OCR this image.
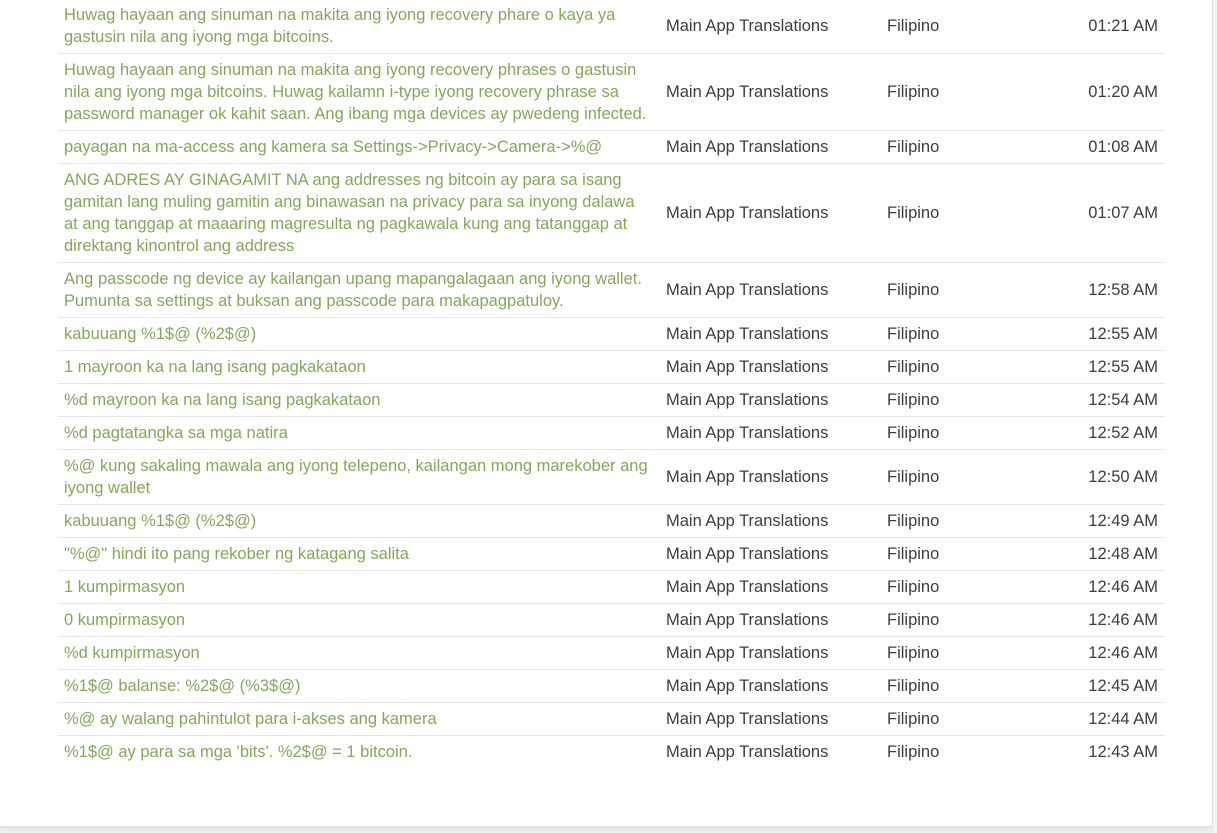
Huwag hayaan ang sinuman na makita ang iyong recovery phare o kaya ya gastusin nila ang iyong mga bitcoins.	Main App Translations	Filipino	01:21 AM
Huwag hayaan ang sinuman na makita ang iyong recovery phrases o gastusin nila ang iyong mga bitcoins. Huwag kailamn i-type iyong recovery phrase sa password manager ok kahit saan. Ang ibang mga devices ay pwedeng infected.	Main App Translations	Filipino	01:20 AM
payagan na ma-access ang kamera sa Settings->Privacy->Camera->%@	Main App Translations	Filipino	01:08 AM
ANG ADRES AY GINAGAMIT NA ang addresses ng bitcoin ay para sa isang gamitan lang muling gamitin ang binawasan na privacy para sa inyong dalawa at ang tanggap at maaaring magresulta ng pagkawala kung ang tatanggap at direktang kinontrol ang address	Main App Translations	Filipino	01:07 AM
Ang passcode ng device ay kailangan upang mapangalagaan ang iyong wallet. Pumunta sa settings at buksan ang passcode para makapagpatuloy.	Main App Translations	Filipino	12:58 AM
kabuuang %1$@ (%2$@)	Main App Translations	Filipino	12:55 AM
1 mayroon ka na lang isang pagkakataon	Main App Translations	Filipino	12:55 AM
%d mayroon ka na lang isang pagkakataon	Main App Translations	Filipino	12:54 AM
%d pagtatangka sa mga natira	Main App Translations	Filipino	12:52 AM
%@ kung sakaling mawala ang iyong telepeno, kailangan mong marekober ang iyong wallet	Main App Translations	Filipino	12:50 AM
kabuuang %1$@ (%2$@)	Main App Translations	Filipino	12:49 AM
"%@" hindi ito pang rekober ng katagang salita	Main App Translations	Filipino	12:48 AM
1 kumpirmasyon	Main App Translations	Filipino	12:46 AM
0 kumpirmasyon	Main App Translations	Filipino	12:46 AM
%d kumpirmasyon	Main App Translations	Filipino	12:46 AM
%1$@ balanse: %2$@ (%3$@)	Main App Translations	Filipino	12:45 AM
%@ ay walang pahintulot para i-akses ang kamera	Main App Translations	Filipino	12:44 AM
%1$@ ay para sa mga 'bits'. %2$@ = 1 bitcoin.	Main App Translations	Filipino	12:43 AM
